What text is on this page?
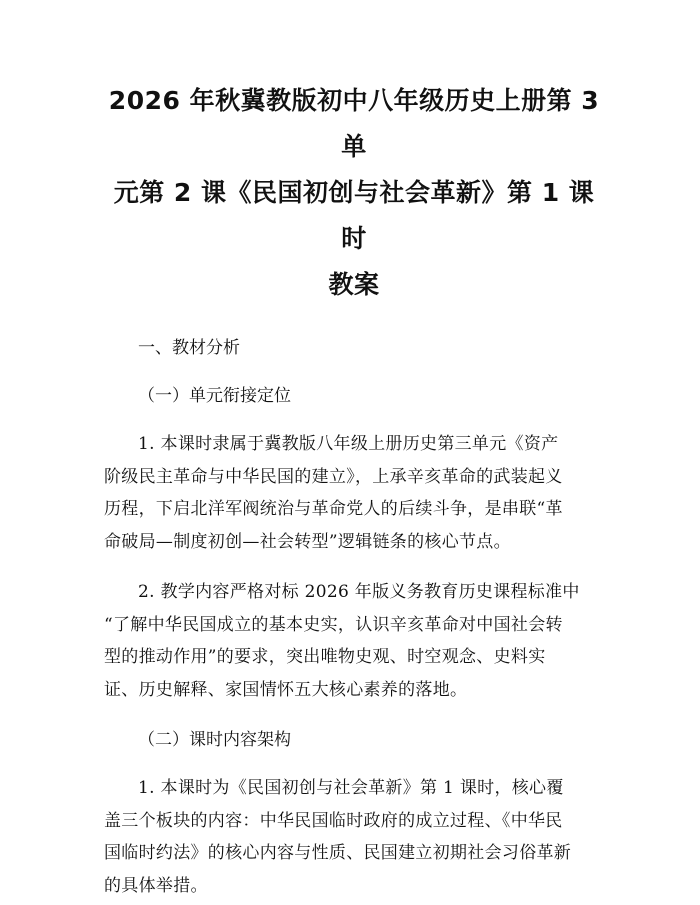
2026 年秋冀教版初中八年级历史上册第 3 单
元第 2 课《民国初创与社会革新》第 1 课时
教案

一、教材分析

（一）单元衔接定位

1. 本课时隶属于冀教版八年级上册历史第三单元《资产
阶级民主革命与中华民国的建立》，上承辛亥革命的武装起义
历程，下启北洋军阀统治与革命党人的后续斗争，是串联“革
命破局—制度初创—社会转型”逻辑链条的核心节点。

2. 教学内容严格对标 2026 年版义务教育历史课程标准中
“了解中华民国成立的基本史实，认识辛亥革命对中国社会转
型的推动作用”的要求，突出唯物史观、时空观念、史料实
证、历史解释、家国情怀五大核心素养的落地。

（二）课时内容架构

1. 本课时为《民国初创与社会革新》第 1 课时，核心覆
盖三个板块的内容：中华民国临时政府的成立过程、《中华民
国临时约法》的核心内容与性质、民国建立初期社会习俗革新
的具体举措。
